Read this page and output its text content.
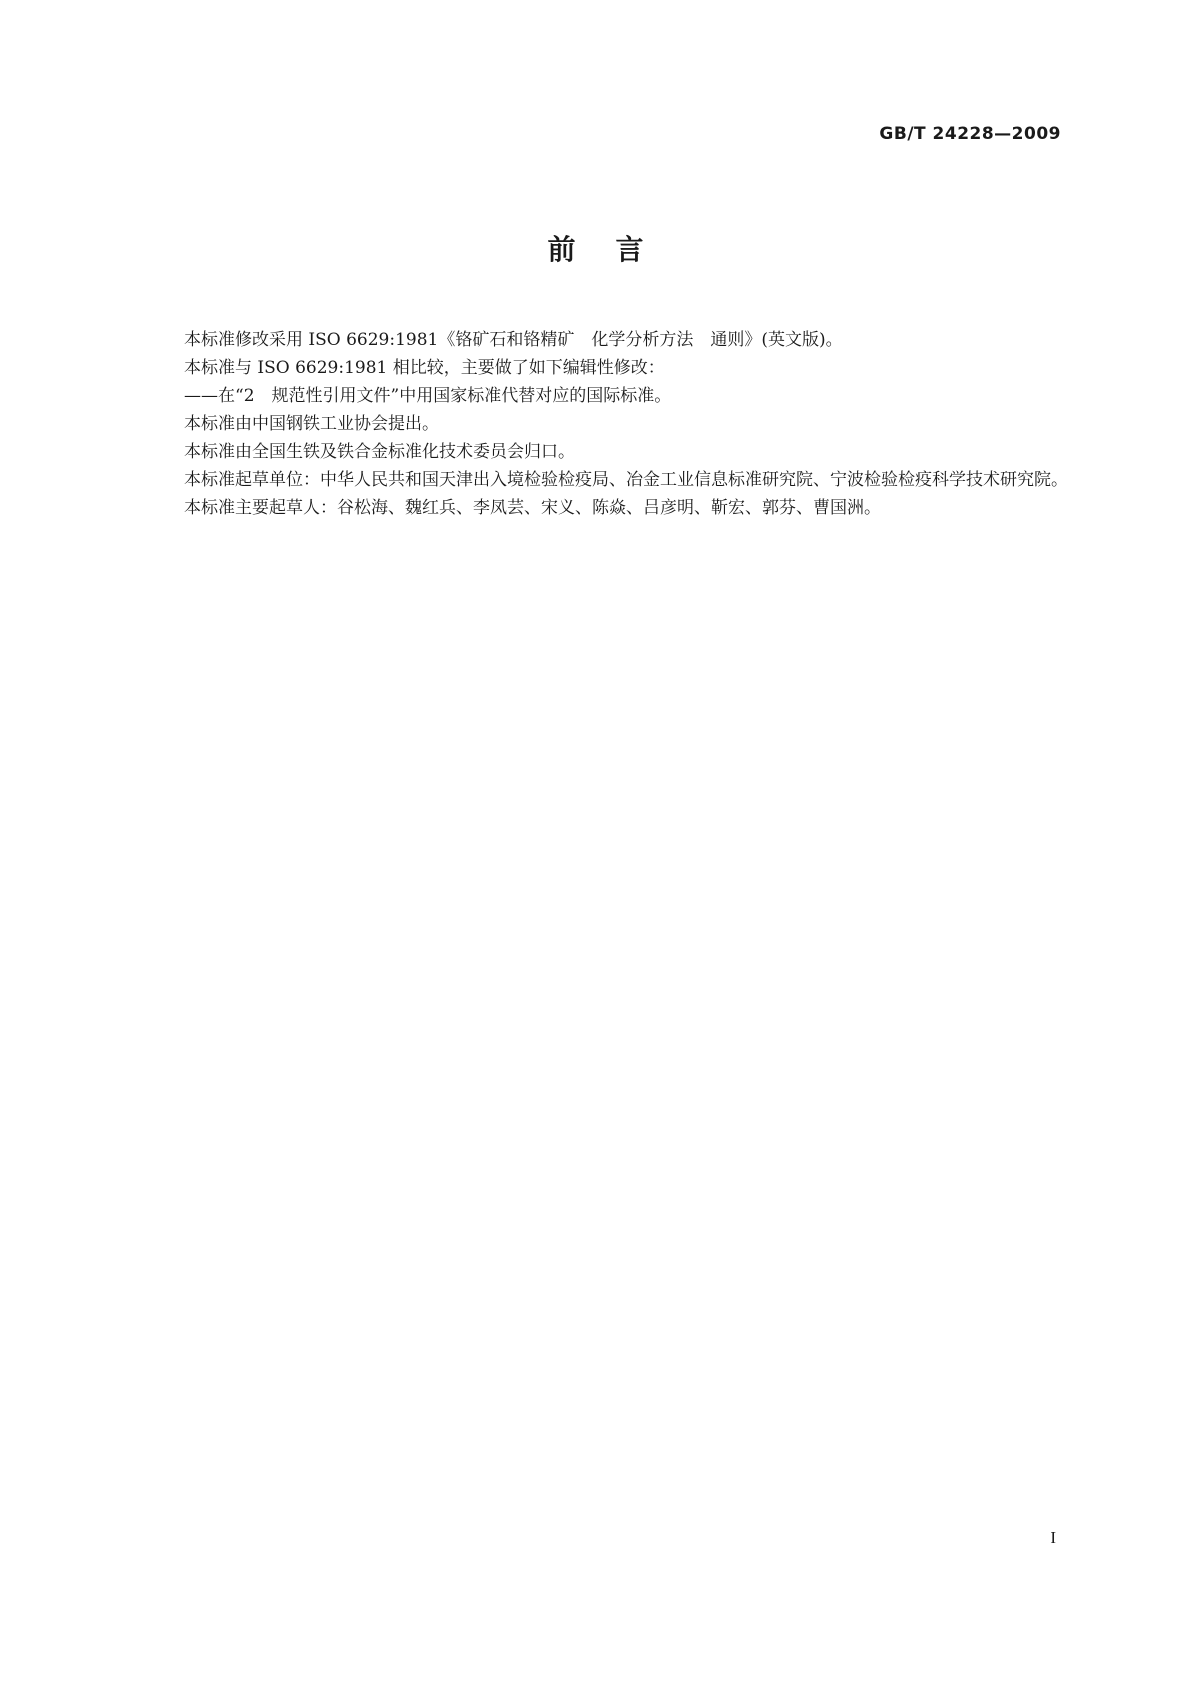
GB/T 24228—2009
前言

本标准修改采用 ISO 6629:1981《铬矿石和铬精矿　化学分析方法　通则》(英文版)。

本标准与 ISO 6629:1981 相比较，主要做了如下编辑性修改：

——在“2　规范性引用文件”中用国家标准代替对应的国际标准。

本标准由中国钢铁工业协会提出。

本标准由全国生铁及铁合金标准化技术委员会归口。

本标准起草单位：中华人民共和国天津出入境检验检疫局、冶金工业信息标准研究院、宁波检验检疫科学技术研究院。

本标准主要起草人：谷松海、魏红兵、李凤芸、宋义、陈焱、吕彦明、靳宏、郭芬、曹国洲。

I
